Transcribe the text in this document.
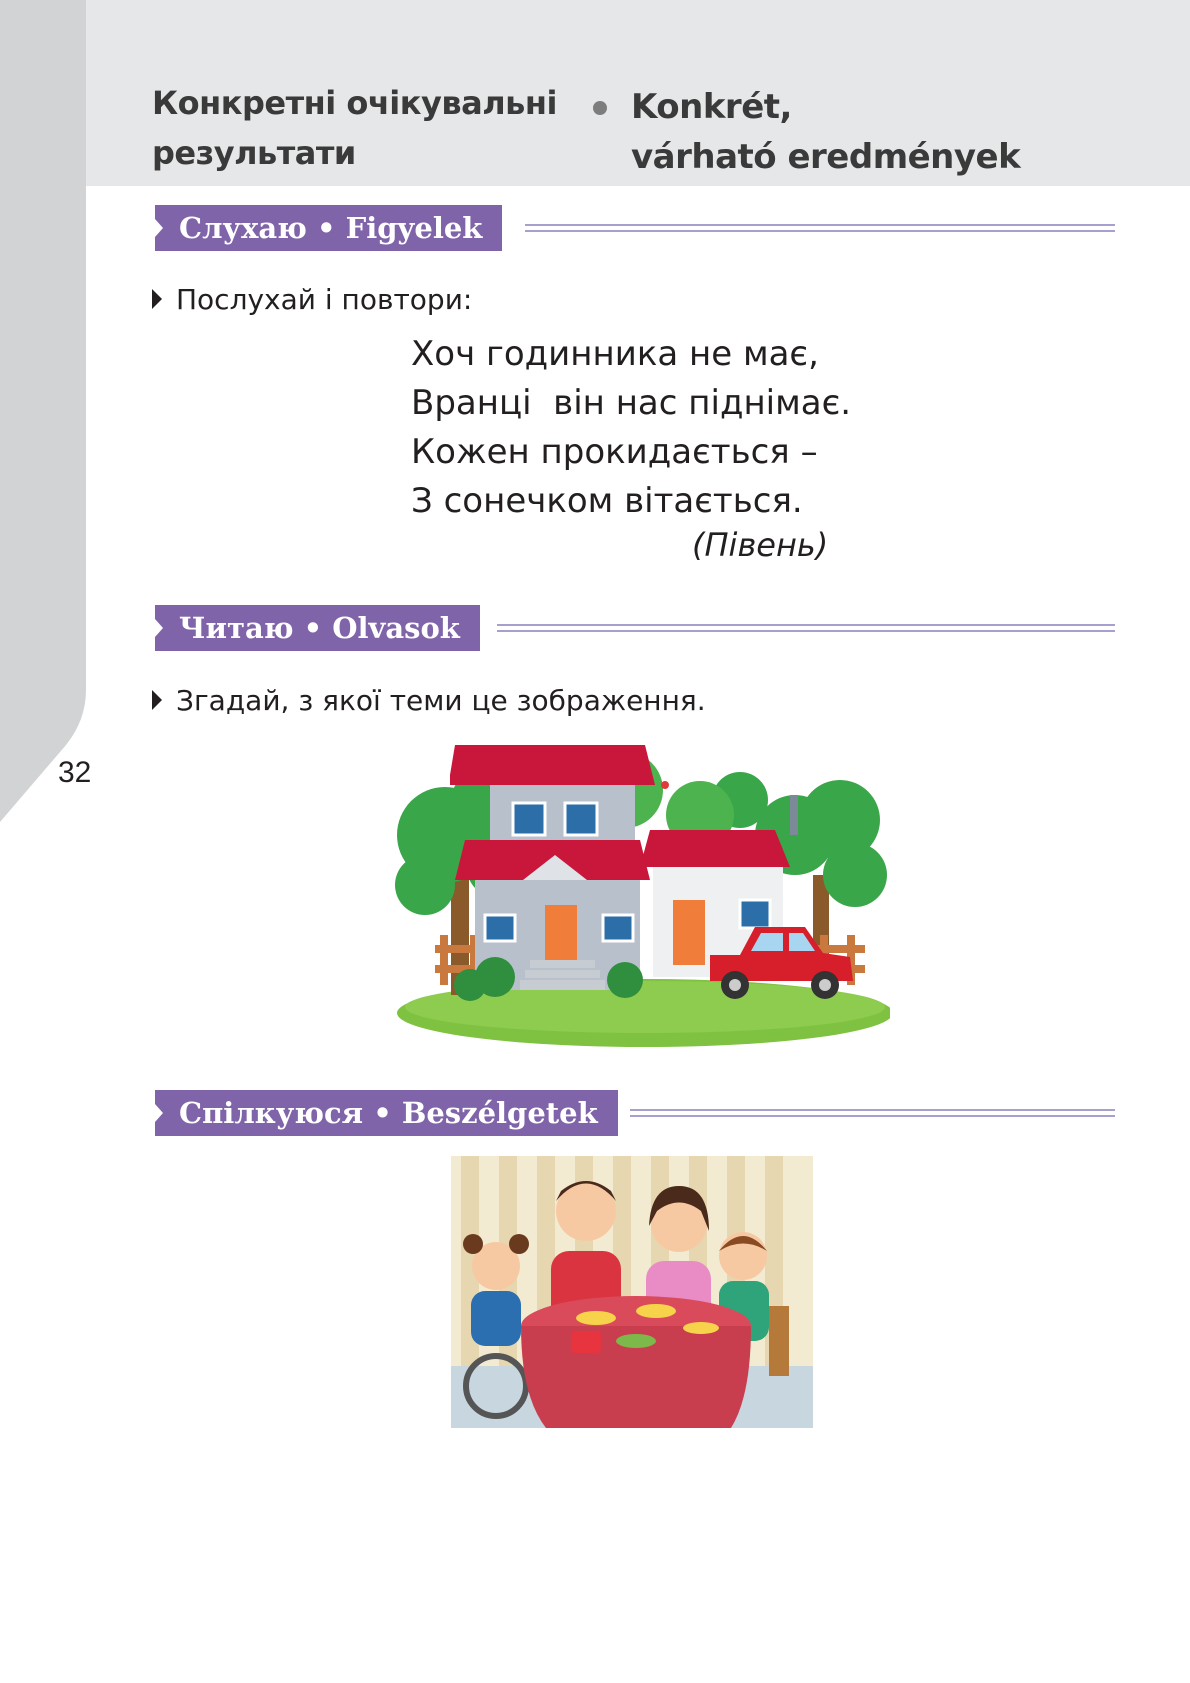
Конкретні очікувальні
результати
Konkrét,
várható eredmények
32
Слухаю • Figyelek
Послухай і повтори:
Хоч годинника не має,
Вранці  він нас піднімає.
Кожен прокидається –
З сонечком вітається.
(Півень)
Читаю • Olvasok
Згадай, з якої теми це зображення.
Спілкуюся • Beszélgetek
